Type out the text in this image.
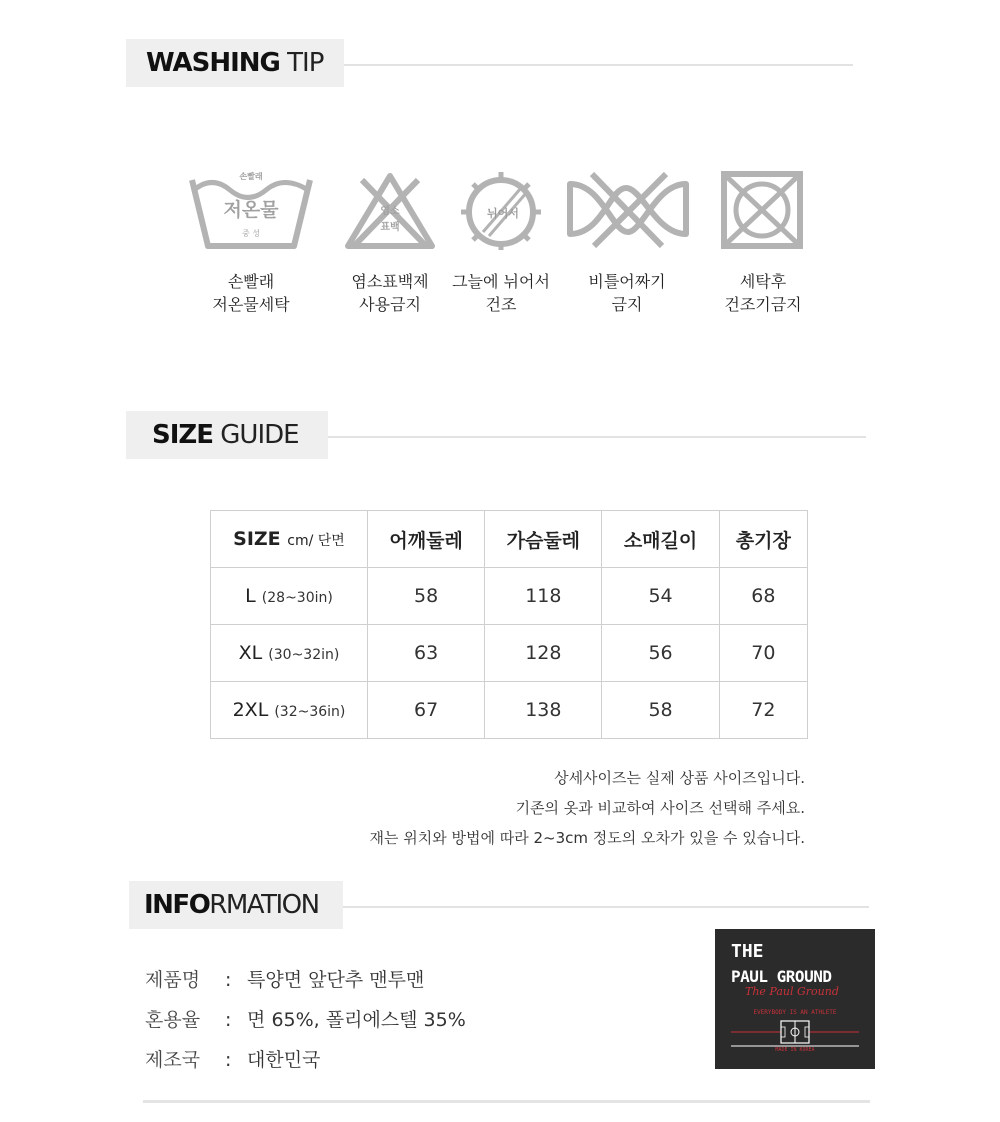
WASHING TIP
손빨래
저온물
중 성
손빨래
저온물세탁
염소
표백
염소표백제
사용금지
뉘어서
그늘에 뉘어서
건조
비틀어짜기
금지
세탁후
건조기금지
SIZE GUIDE
SIZE cm/ 단면	어깨둘레	가슴둘레	소매길이	총기장
L (28~30in)	58	118	54	68
XL (30~32in)	63	128	56	70
2XL (32~36in)	67	138	58	72
상세사이즈는 실제 상품 사이즈입니다.
기존의 옷과 비교하여 사이즈 선택해 주세요.
재는 위치와 방법에 따라 2~3cm 정도의 오차가 있을 수 있습니다.
INFORMATION
제품명 : 특양면 앞단추 맨투맨
혼용율 : 면 65%, 폴리에스텔 35%
제조국 : 대한민국
THE
PAUL GROUND
The Paul Ground
EVERYBODY IS AN ATHLETE
MADE IN KOREA
